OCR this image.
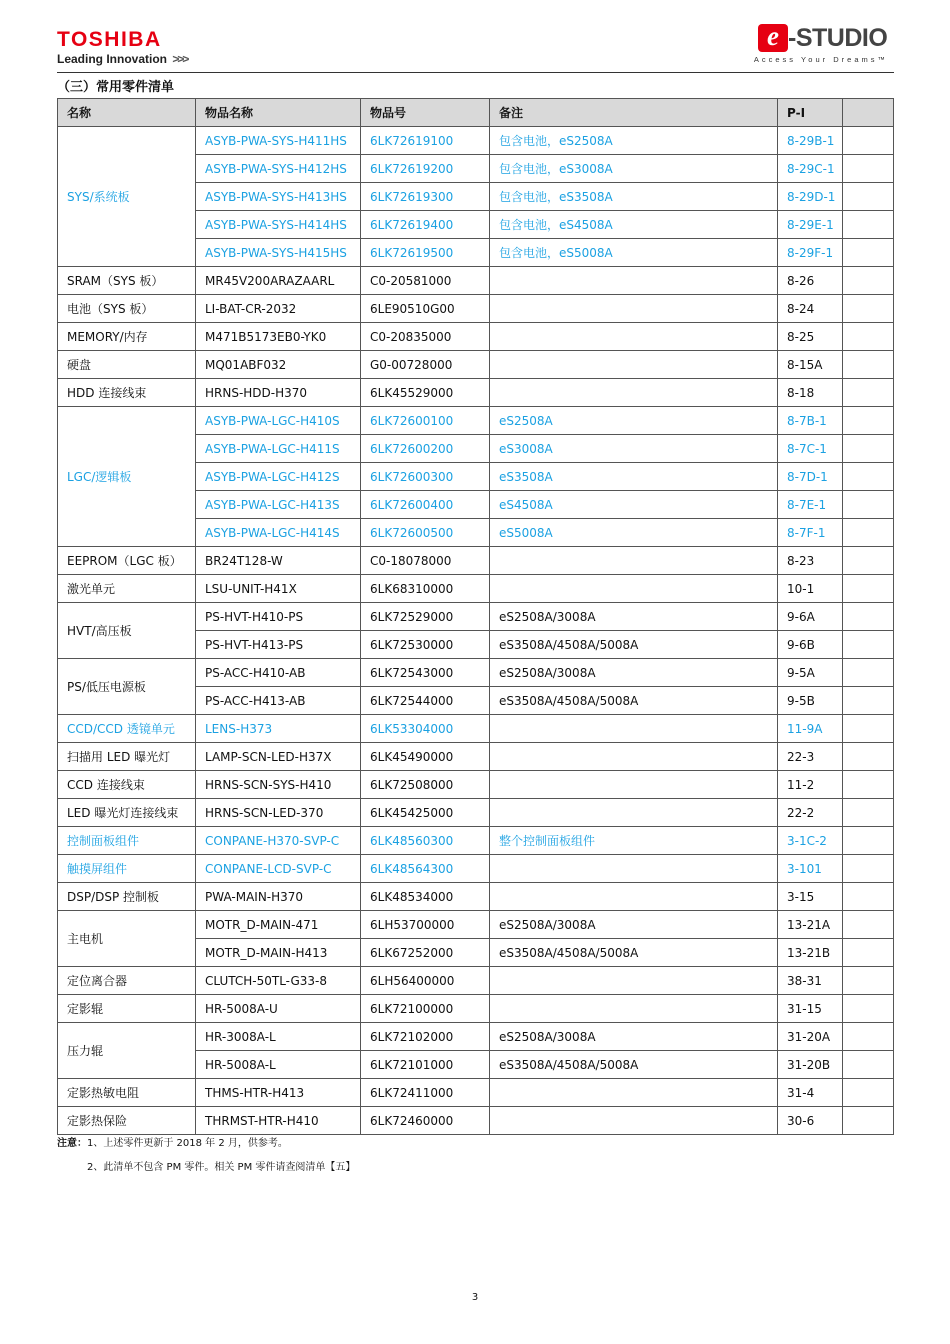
TOSHIBA
Leading Innovation >>>
e -STUDIO
Access Your Dreams™
（三）常用零件清单
名称	物品名称	物品号	备注	P-I	
SYS/系统板	ASYB-PWA-SYS-H411HS	6LK72619100	包含电池，eS2508A	8-29B-1	
	ASYB-PWA-SYS-H412HS	6LK72619200	包含电池，eS3008A	8-29C-1	
	ASYB-PWA-SYS-H413HS	6LK72619300	包含电池，eS3508A	8-29D-1	
	ASYB-PWA-SYS-H414HS	6LK72619400	包含电池，eS4508A	8-29E-1	
	ASYB-PWA-SYS-H415HS	6LK72619500	包含电池，eS5008A	8-29F-1	
SRAM（SYS 板）	MR45V200ARAZAARL	C0-20581000		8-26	
电池（SYS 板）	LI-BAT-CR-2032	6LE90510G00		8-24	
MEMORY/内存	M471B5173EB0-YK0	C0-20835000		8-25	
硬盘	MQ01ABF032	G0-00728000		8-15A	
HDD 连接线束	HRNS-HDD-H370	6LK45529000		8-18	
LGC/逻辑板	ASYB-PWA-LGC-H410S	6LK72600100	eS2508A	8-7B-1	
	ASYB-PWA-LGC-H411S	6LK72600200	eS3008A	8-7C-1	
	ASYB-PWA-LGC-H412S	6LK72600300	eS3508A	8-7D-1	
	ASYB-PWA-LGC-H413S	6LK72600400	eS4508A	8-7E-1	
	ASYB-PWA-LGC-H414S	6LK72600500	eS5008A	8-7F-1	
EEPROM（LGC 板）	BR24T128-W	C0-18078000		8-23	
激光单元	LSU-UNIT-H41X	6LK68310000		10-1	
HVT/高压板	PS-HVT-H410-PS	6LK72529000	eS2508A/3008A	9-6A	
	PS-HVT-H413-PS	6LK72530000	eS3508A/4508A/5008A	9-6B	
PS/低压电源板	PS-ACC-H410-AB	6LK72543000	eS2508A/3008A	9-5A	
	PS-ACC-H413-AB	6LK72544000	eS3508A/4508A/5008A	9-5B	
CCD/CCD 透镜单元	LENS-H373	6LK53304000		11-9A	
扫描用 LED 曝光灯	LAMP-SCN-LED-H37X	6LK45490000		22-3	
CCD 连接线束	HRNS-SCN-SYS-H410	6LK72508000		11-2	
LED 曝光灯连接线束	HRNS-SCN-LED-370	6LK45425000		22-2	
控制面板组件	CONPANE-H370-SVP-C	6LK48560300	整个控制面板组件	3-1C-2	
触摸屏组件	CONPANE-LCD-SVP-C	6LK48564300		3-101	
DSP/DSP 控制板	PWA-MAIN-H370	6LK48534000		3-15	
主电机	MOTR_D-MAIN-471	6LH53700000	eS2508A/3008A	13-21A	
	MOTR_D-MAIN-H413	6LK67252000	eS3508A/4508A/5008A	13-21B	
定位离合器	CLUTCH-50TL-G33-8	6LH56400000		38-31	
定影辊	HR-5008A-U	6LK72100000		31-15	
压力辊	HR-3008A-L	6LK72102000	eS2508A/3008A	31-20A	
	HR-5008A-L	6LK72101000	eS3508A/4508A/5008A	31-20B	
定影热敏电阻	THMS-HTR-H413	6LK72411000		31-4	
定影热保险	THRMST-HTR-H410	6LK72460000		30-6	
注意：1、上述零件更新于 2018 年 2 月，供参考。
2、此清单不包含 PM 零件。相关 PM 零件请查阅清单【五】
3
